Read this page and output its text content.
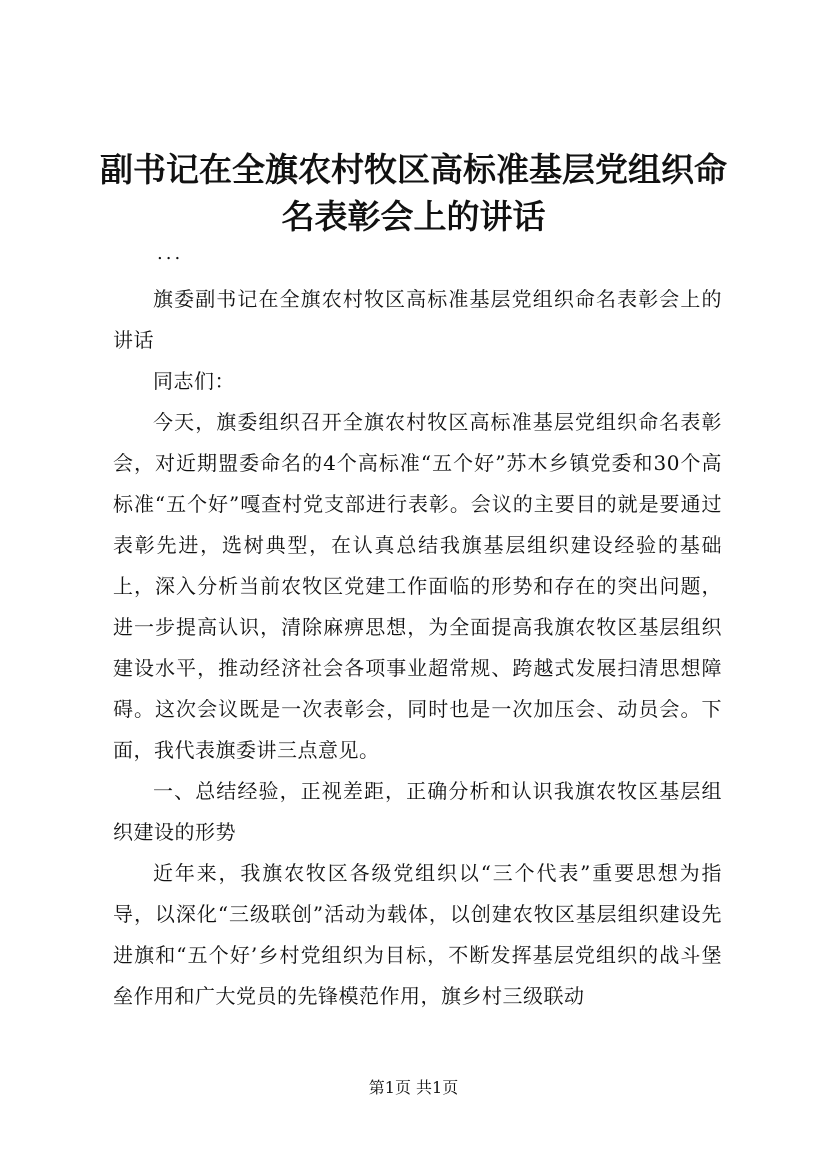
副书记在全旗农村牧区高标准基层党组织命名表彰会上的讲话

...

旗委副书记在全旗农村牧区高标准基层党组织命名表彰会上的讲话

同志们：

今天，旗委组织召开全旗农村牧区高标准基层党组织命名表彰会，对近期盟委命名的4个高标准“五个好”苏木乡镇党委和30个高标准“五个好”嘎查村党支部进行表彰。会议的主要目的就是要通过表彰先进，选树典型，在认真总结我旗基层组织建设经验的基础上，深入分析当前农牧区党建工作面临的形势和存在的突出问题，进一步提高认识，清除麻痹思想，为全面提高我旗农牧区基层组织建设水平，推动经济社会各项事业超常规、跨越式发展扫清思想障碍。这次会议既是一次表彰会，同时也是一次加压会、动员会。下面，我代表旗委讲三点意见。

一、总结经验，正视差距，正确分析和认识我旗农牧区基层组织建设的形势

近年来，我旗农牧区各级党组织以“三个代表”重要思想为指导，以深化“三级联创”活动为载体，以创建农牧区基层组织建设先进旗和“五个好’乡村党组织为目标，不断发挥基层党组织的战斗堡垒作用和广大党员的先锋模范作用，旗乡村三级联动

第1页 共1页
